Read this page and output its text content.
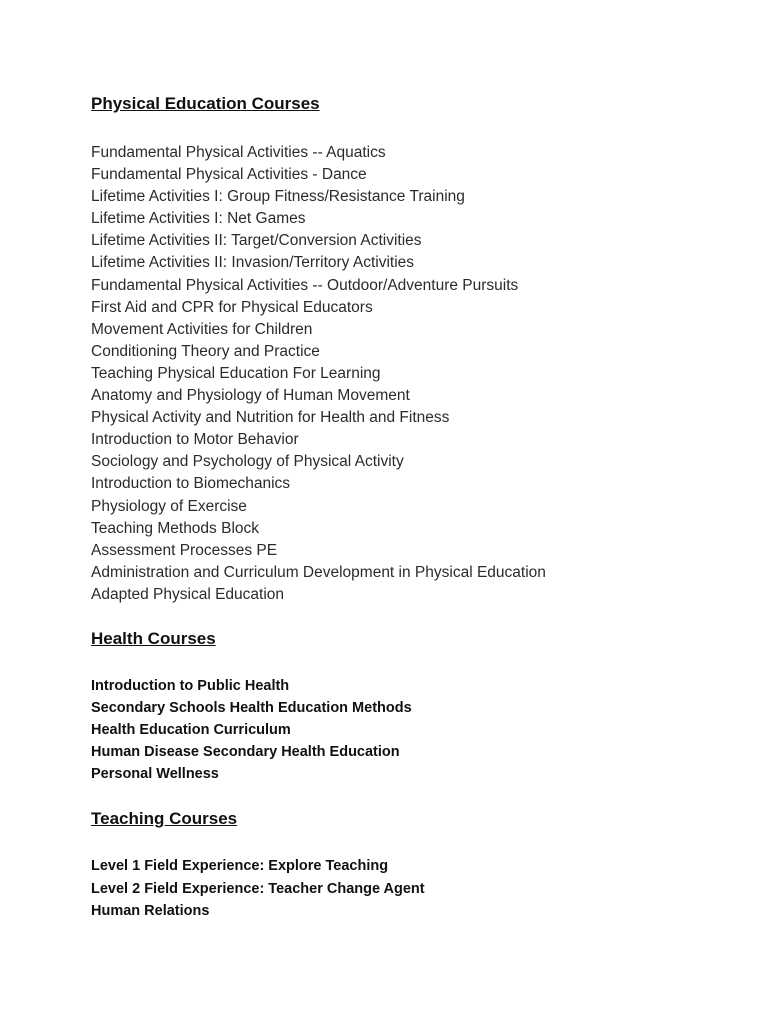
Physical Education Courses
Fundamental Physical Activities -- Aquatics
Fundamental Physical Activities - Dance
Lifetime Activities I: Group Fitness/Resistance Training
Lifetime Activities I: Net Games
Lifetime Activities II: Target/Conversion Activities
Lifetime Activities II: Invasion/Territory Activities
Fundamental Physical Activities -- Outdoor/Adventure Pursuits
First Aid and CPR for Physical Educators
Movement Activities for Children
Conditioning Theory and Practice
Teaching Physical Education For Learning
Anatomy and Physiology of Human Movement
Physical Activity and Nutrition for Health and Fitness
Introduction to Motor Behavior
Sociology and Psychology of Physical Activity
Introduction to Biomechanics
Physiology of Exercise
Teaching Methods Block
Assessment Processes PE
Administration and Curriculum Development in Physical Education
Adapted Physical Education
Health Courses
Introduction to Public Health
Secondary Schools Health Education Methods
Health Education Curriculum
Human Disease Secondary Health Education
Personal Wellness
Teaching Courses
Level 1 Field Experience: Explore Teaching
Level 2 Field Experience: Teacher Change Agent
Human Relations
